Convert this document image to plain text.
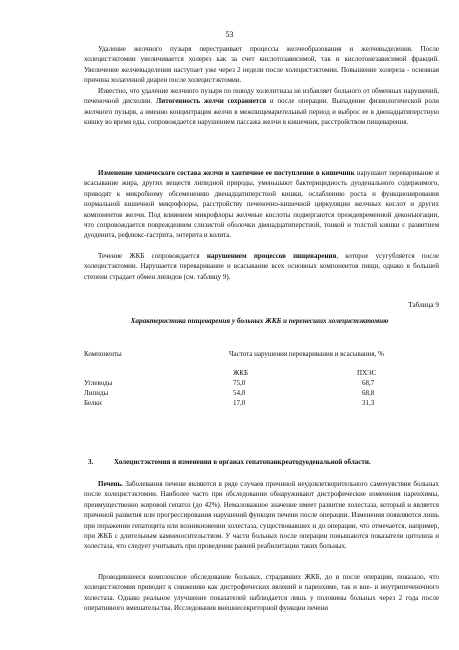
53
Удаление желчного пузыря перестраивает процессы желчеобразования и желчевыделения. После холецистэктомии увеличивается холерез как за счет кислотозависимой, так и кислотонезависимой фракций. Увеличение желчевыделения наступает уже через 2 недели после холецистэктомии. Повышение холереза - основная причина холагенной диареи после холецистэктомии.
Известно, что удаление желчного пузыря по поводу холелитиаза не избавляет больного от обменных нарушений, печеночной дисхолии. Литогенность желчи сохраняется и после операции. Выпадение физиологической роли желчного пузыря, а именно концентрация желчи в межпищеварительный период и выброс ее в двенадцатиперстную кишку во время еды, сопровождается нарушением пассажа желчи в кишечник, расстройством пищеварения.
Изменение химического состава желчи и хаотичное ее поступление в кишечник нарушают переваривание и всасывание жира, других веществ липидной природы, уменьшают бактерицидность дуоденального содержимого, приводят к микробному обсеменению двенадцатиперстной кишки, ослаблению роста и функционирования нормальной кишечной микрофлоры, расстройству печеночно-кишечной циркуляции желчных кислот и других компонентов желчи. Под влиянием микрофлоры желчные кислоты подвергаются преждевременной деконъюгации, что сопровождается повреждением слизистой оболочки двенадцатиперстной, тонкой и толстой кишки с развитием дуоденита, рефлюкс-гастрита, энтерита и колита.
Течение ЖКБ сопровождается нарушением процессов пищеварения, которое усугубляется после холецистэктомии. Нарушается переваривание и всасывание всех основных компонентов пищи, однако в большей степени страдает обмен липидов (см. таблицу 9).
Таблица 9
Характеристика пищеварения у больных ЖКБ и перенесших холецистэктомию
Компоненты	Частота нарушения переваривания и всасывания, %
ЖКБ	ПХЭС
Углеводы	75,0	68,7
Липиды	54,0	68,8
Белки	17,0	31,3
3.	Холецистэктомия и изменения в органах гепатопанкреатодуоденальной области.
Печень. Заболевания печени являются в ряде случаев причиной неудовлетворительного самочувствия больных после холецистэктомии. Наиболее часто при обследовании обнаруживают дистрофические изменения паренхимы, преимущественно жировой гепатоз (до 42%). Немаловажное значение имеет развитие холестаза, который и является причиной развития или прогрессирования нарушений функции печени после операции. Изменения появляются лишь при поражении гепатоцита или возникновении холестаза, существовавших и до операции, что отмечается, например, при ЖКБ с длительным камненосительством. У части больных после операции повышаются показатели цитолиза и холестаза, что следует учитывать при проведении ранней реабилитации таких больных.
Проводившееся комплексное обследование больных, страдавших ЖКБ, до и после операции, показало, что холецистэктомия приводит к снижению как дистрофических явлений в паренхиме, так и вне- и внутрипеченочного холестаза. Однако реальное улучшение показателей наблюдается лишь у половины больных через 2 года после оперативного вмешательства. Исследования внешнесекреторной функции печени
